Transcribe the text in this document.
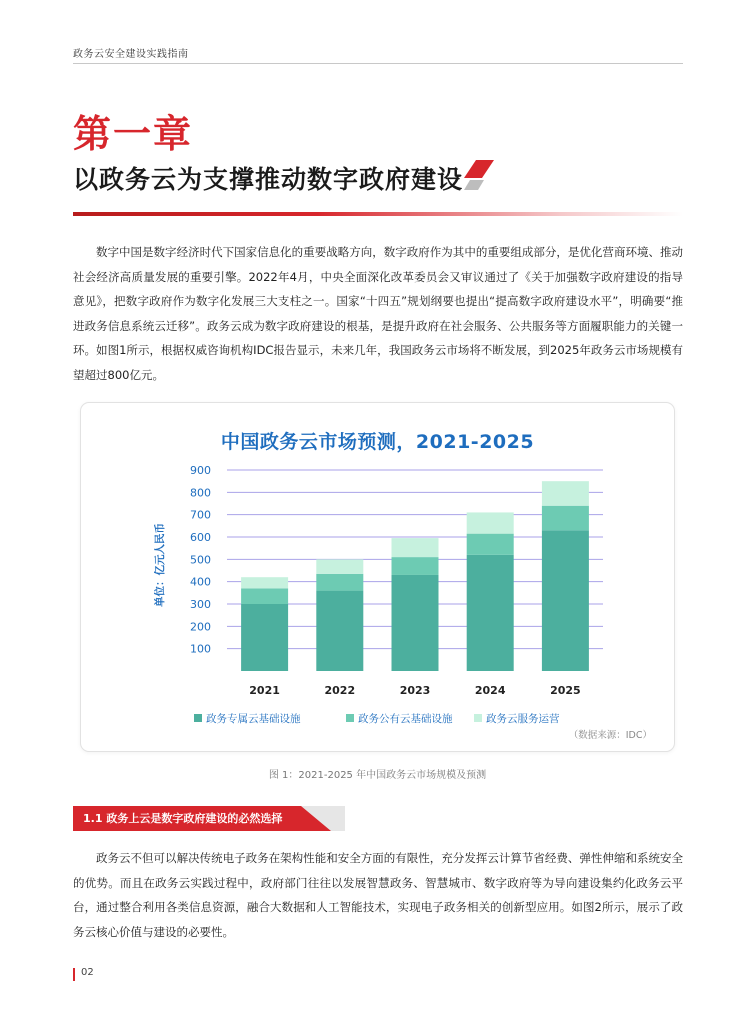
政务云安全建设实践指南
第一章
以政务云为支撑推动数字政府建设

数字中国是数字经济时代下国家信息化的重要战略方向，数字政府作为其中的重要组成部分，是优化营商环境、推动社会经济高质量发展的重要引擎。2022年4月，中央全面深化改革委员会又审议通过了《关于加强数字政府建设的指导意见》，把数字政府作为数字化发展三大支柱之一。国家“十四五”规划纲要也提出“提高数字政府建设水平”，明确要“推进政务信息系统云迁移”。政务云成为数字政府建设的根基，是提升政府在社会服务、公共服务等方面履职能力的关键一环。如图1所示，根据权威咨询机构IDC报告显示，未来几年，我国政务云市场将不断发展，到2025年政务云市场规模有望超过800亿元。

中国政务云市场预测，2021-2025
100
200
300
400
500
600
700
800
900
单位：亿元人民币
2021	2022	2023	2024	2025
政务专属云基础设施	政务公有云基础设施	政务云服务运营
（数据来源：IDC）
图 1：2021-2025 年中国政务云市场规模及预测
1.1 政务上云是数字政府建设的必然选择

政务云不但可以解决传统电子政务在架构性能和安全方面的有限性，充分发挥云计算节省经费、弹性伸缩和系统安全的优势。而且在政务云实践过程中，政府部门往往以发展智慧政务、智慧城市、数字政府等为导向建设集约化政务云平台，通过整合利用各类信息资源，融合大数据和人工智能技术，实现电子政务相关的创新型应用。如图2所示，展示了政务云核心价值与建设的必要性。

02
